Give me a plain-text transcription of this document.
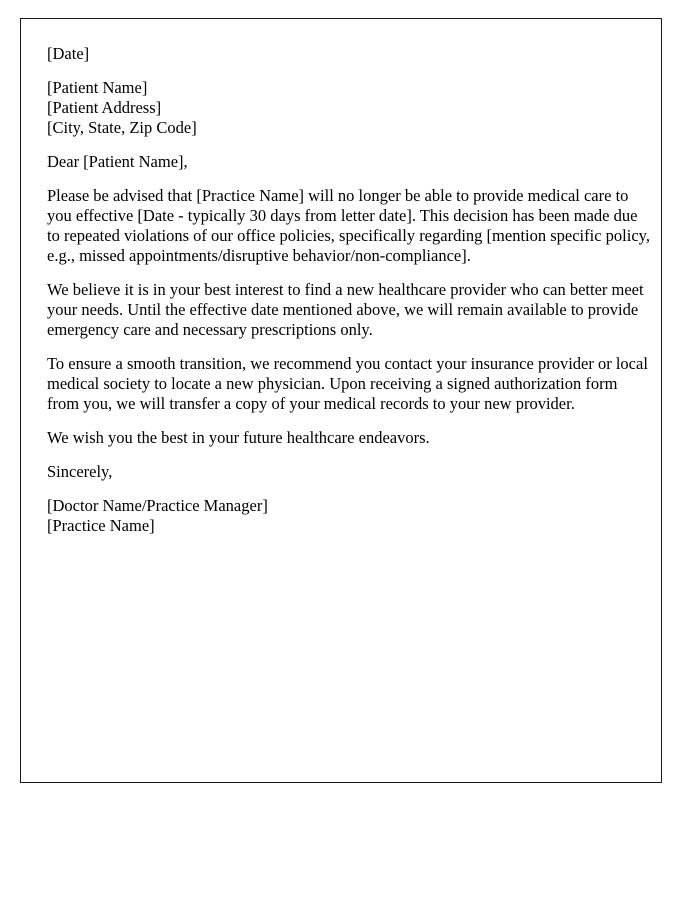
[Date]

[Patient Name]
[Patient Address]
[City, State, Zip Code]

Dear [Patient Name],

Please be advised that [Practice Name] will no longer be able to provide medical care to you effective [Date - typically 30 days from letter date]. This decision has been made due to repeated violations of our office policies, specifically regarding [mention specific policy, e.g., missed appointments/disruptive behavior/non-compliance].

We believe it is in your best interest to find a new healthcare provider who can better meet your needs. Until the effective date mentioned above, we will remain available to provide emergency care and necessary prescriptions only.

To ensure a smooth transition, we recommend you contact your insurance provider or local medical society to locate a new physician. Upon receiving a signed authorization form from you, we will transfer a copy of your medical records to your new provider.

We wish you the best in your future healthcare endeavors.

Sincerely,

[Doctor Name/Practice Manager]
[Practice Name]
